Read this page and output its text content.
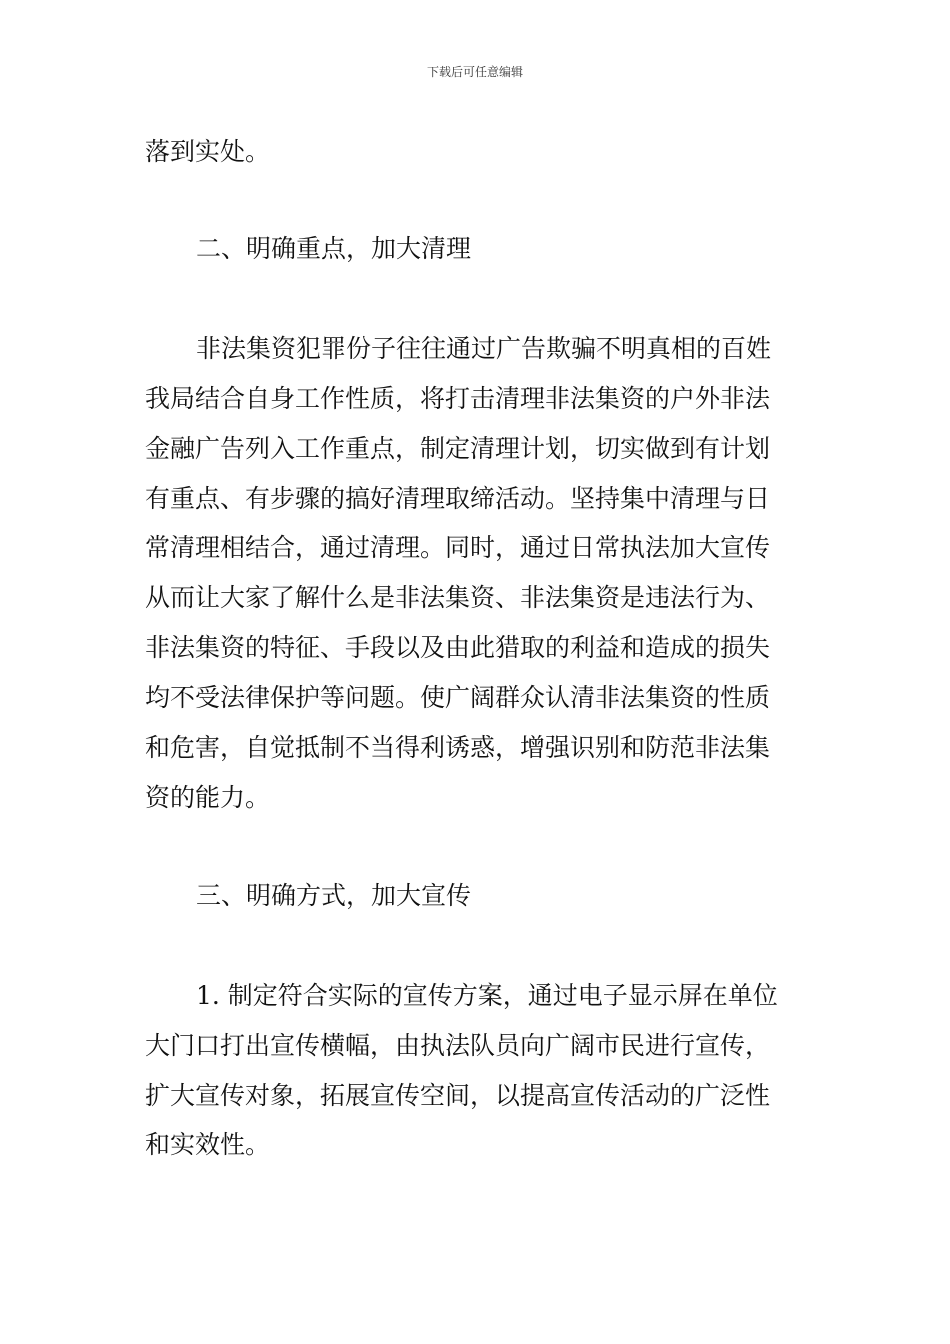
下载后可任意编辑
落到实处。
二、明确重点，加大清理
非法集资犯罪份子往往通过广告欺骗不明真相的百姓
我局结合自身工作性质，将打击清理非法集资的户外非法
金融广告列入工作重点，制定清理计划，切实做到有计划
有重点、有步骤的搞好清理取缔活动。坚持集中清理与日
常清理相结合，通过清理。同时，通过日常执法加大宣传
从而让大家了解什么是非法集资、非法集资是违法行为、
非法集资的特征、手段以及由此猎取的利益和造成的损失
均不受法律保护等问题。使广阔群众认清非法集资的性质
和危害，自觉抵制不当得利诱惑，增强识别和防范非法集
资的能力。
三、明确方式，加大宣传
1. 制定符合实际的宣传方案，通过电子显示屏在单位
大门口打出宣传横幅，由执法队员向广阔市民进行宣传，
扩大宣传对象，拓展宣传空间，以提高宣传活动的广泛性
和实效性。
